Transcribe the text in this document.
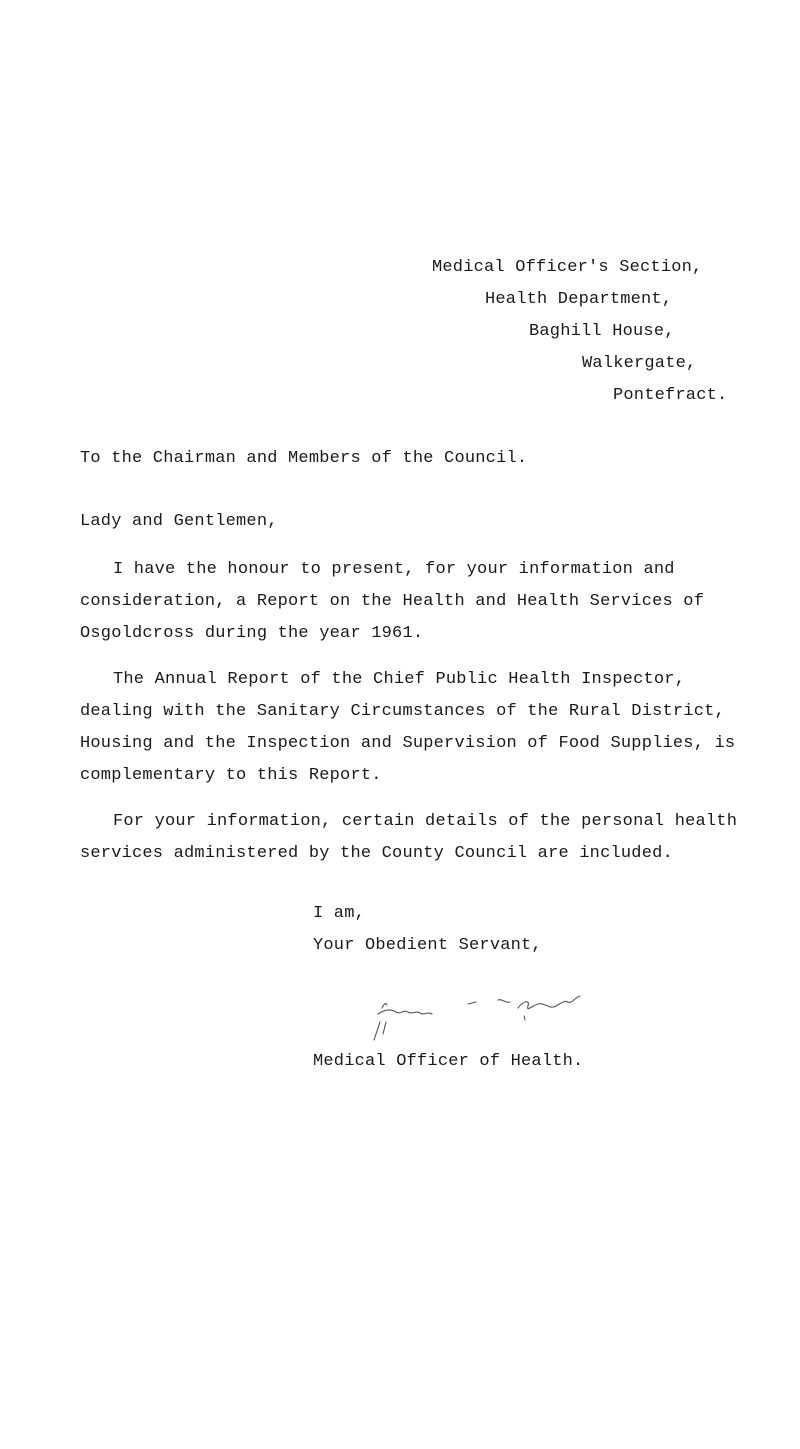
Medical Officer's Section,
Health Department,
Baghill House,
Walkergate,
Pontefract.
To the Chairman and Members of the Council.
Lady and Gentlemen,
I have the honour to present, for your information and
consideration, a Report on the Health and Health Services of
Osgoldcross during the year 1961.
The Annual Report of the Chief Public Health Inspector,
dealing with the Sanitary Circumstances of the Rural District,
Housing and the Inspection and Supervision of Food Supplies, is
complementary to this Report.
For your information, certain details of the personal health
services administered by the County Council are included.
I am,
Your Obedient Servant,
Medical Officer of Health.
